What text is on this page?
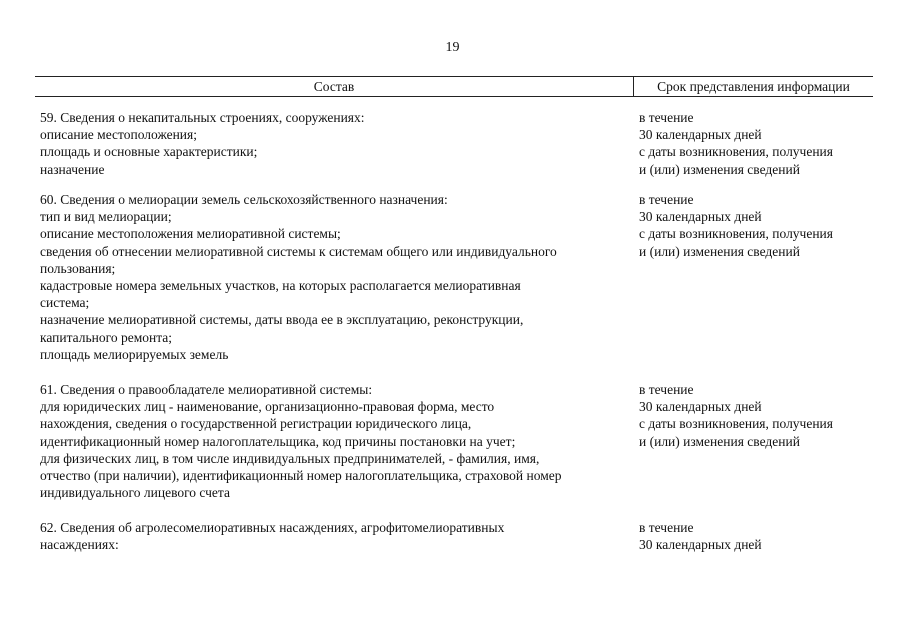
19
Состав	Срок представления информации
59. Сведения о некапитальных строениях, сооружениях:
описание местоположения;
площадь и основные характеристики;
назначение
в течение
30 календарных дней
с даты возникновения, получения
и (или) изменения сведений
60. Сведения о мелиорации земель сельскохозяйственного назначения:
тип и вид мелиорации;
описание местоположения мелиоративной системы;
сведения об отнесении мелиоративной системы к системам общего или индивидуального
пользования;
кадастровые номера земельных участков, на которых располагается мелиоративная
система;
назначение мелиоративной системы, даты ввода ее в эксплуатацию, реконструкции,
капитального ремонта;
площадь мелиорируемых земель
в течение
30 календарных дней
с даты возникновения, получения
и (или) изменения сведений
61. Сведения о правообладателе мелиоративной системы:
для юридических лиц - наименование, организационно-правовая форма, место
нахождения, сведения о государственной регистрации юридического лица,
идентификационный номер налогоплательщика, код причины постановки на учет;
для физических лиц, в том числе индивидуальных предпринимателей, - фамилия, имя,
отчество (при наличии), идентификационный номер налогоплательщика, страховой номер
индивидуального лицевого счета
в течение
30 календарных дней
с даты возникновения, получения
и (или) изменения сведений
62. Сведения об агролесомелиоративных насаждениях, агрофитомелиоративных
насаждениях:
в течение
30 календарных дней
